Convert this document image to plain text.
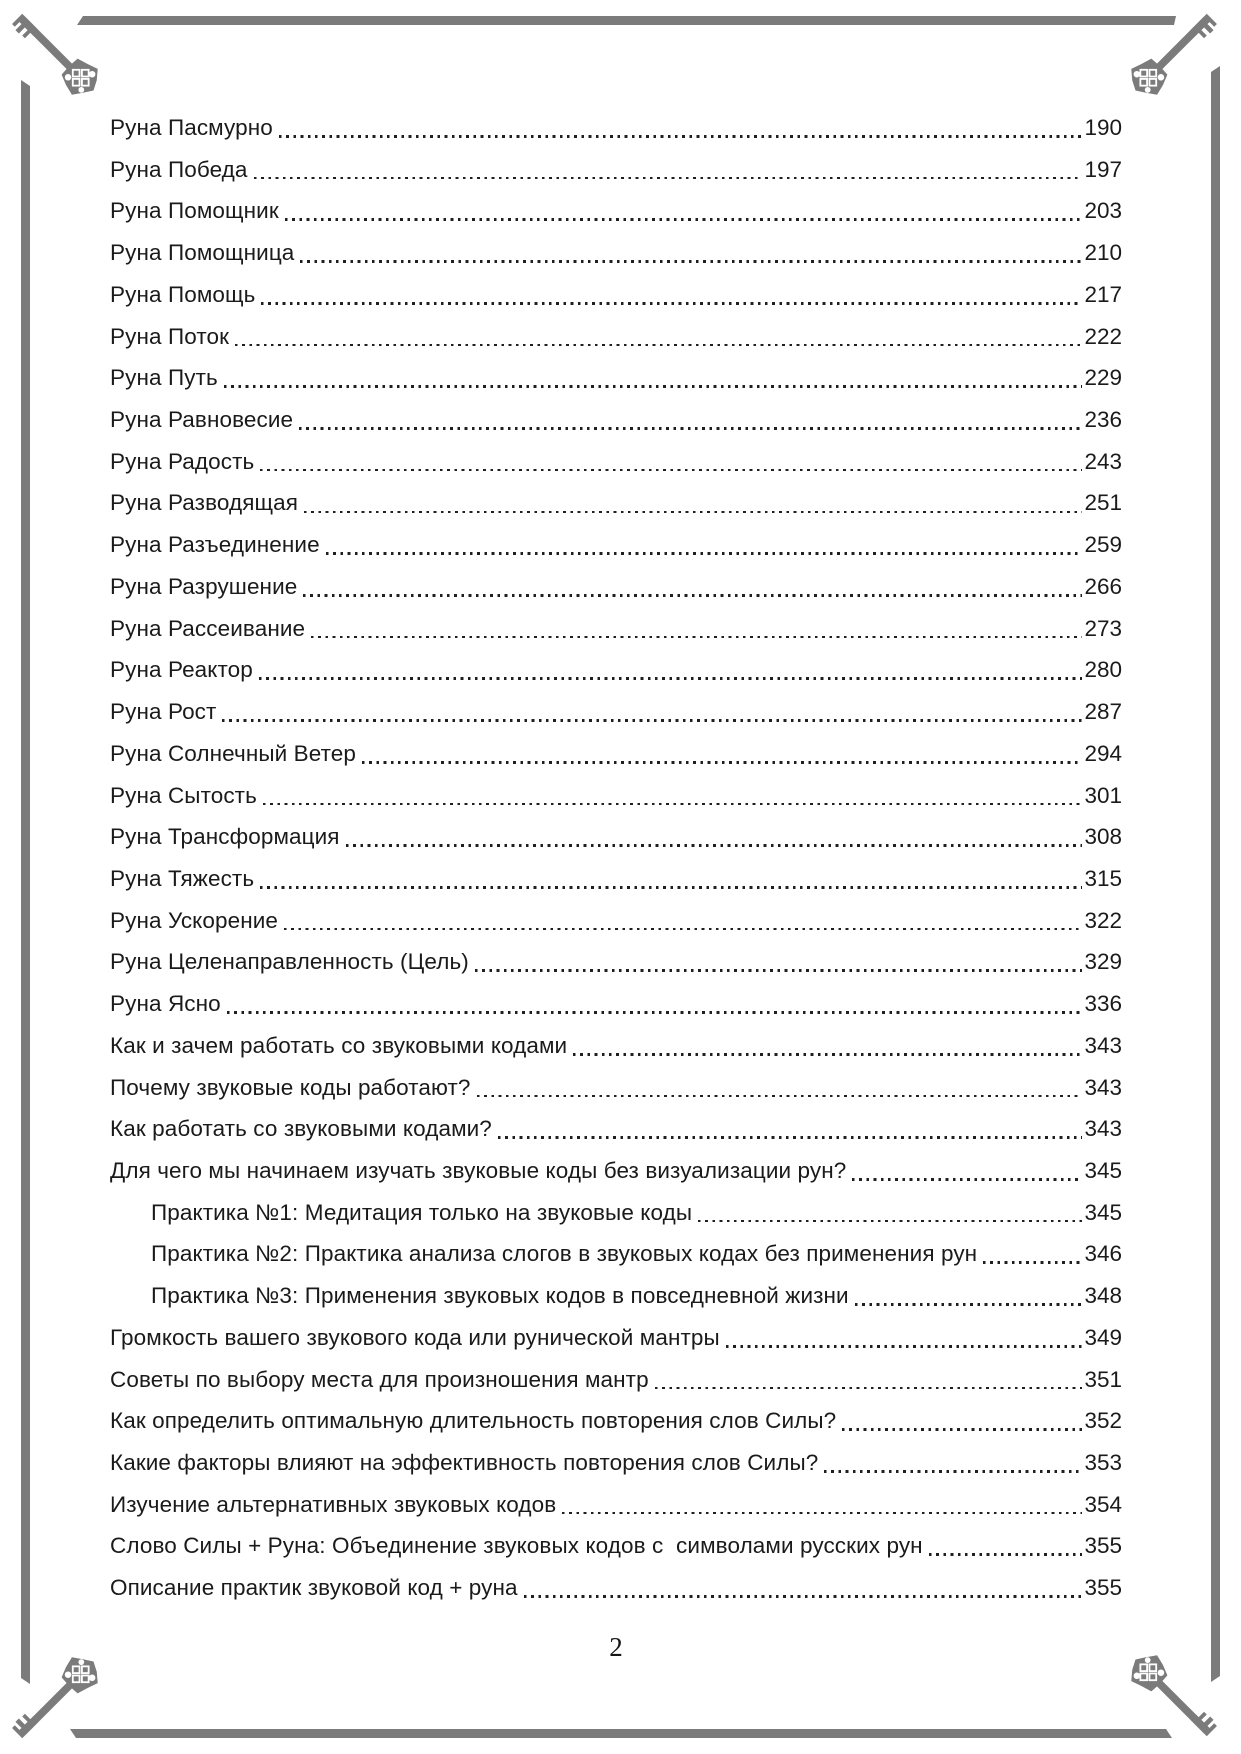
Руна Пасмурно	190
Руна Победа	197
Руна Помощник	203
Руна Помощница	210
Руна Помощь	217
Руна Поток	222
Руна Путь	229
Руна Равновесие	236
Руна Радость	243
Руна Разводящая	251
Руна Разъединение	259
Руна Разрушение	266
Руна Рассеивание	273
Руна Реактор	280
Руна Рост	287
Руна Солнечный Ветер	294
Руна Сытость	301
Руна Трансформация	308
Руна Тяжесть	315
Руна Ускорение	322
Руна Целенаправленность (Цель)	329
Руна Ясно	336
Как и зачем работать со звуковыми кодами	343
Почему звуковые коды работают?	343
Как работать со звуковыми кодами?	343
Для чего мы начинаем изучать звуковые коды без визуализации рун?	345
Практика №1: Медитация только на звуковые коды	345
Практика №2: Практика анализа слогов в звуковых кодах без применения рун	346
Практика №3: Применения звуковых кодов в повседневной жизни	348
Громкость вашего звукового кода или рунической мантры	349
Советы по выбору места для произношения мантр	351
Как определить оптимальную длительность повторения слов Силы?	352
Какие факторы влияют на эффективность повторения слов Силы?	353
Изучение альтернативных звуковых кодов	354
Слово Силы + Руна: Объединение звуковых кодов с  символами русских рун	355
Описание практик звуковой код + руна	355
2
